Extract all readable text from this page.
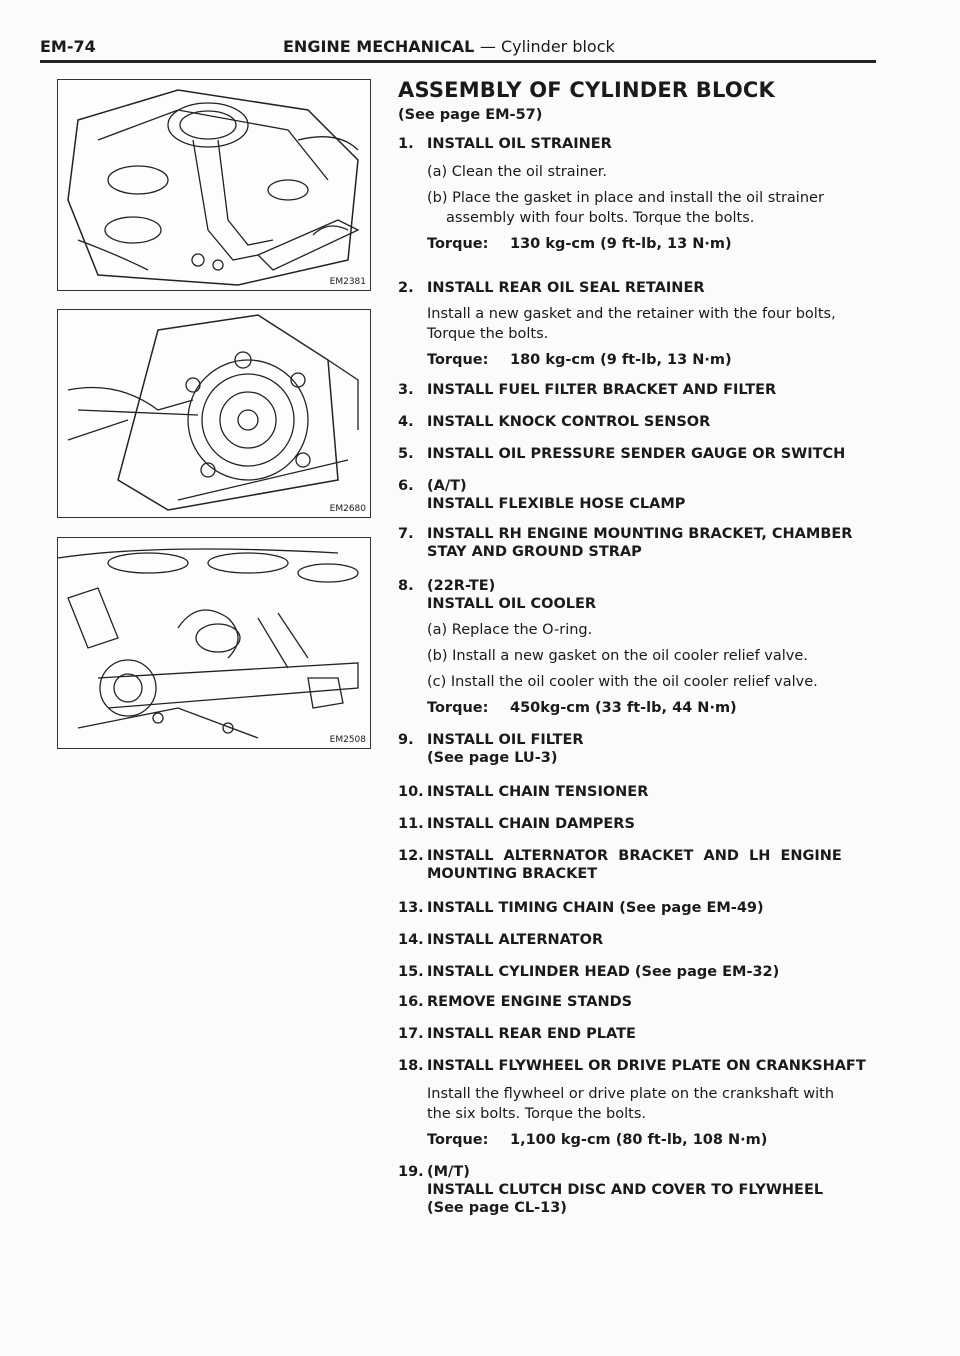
EM-74	ENGINE MECHANICAL — Cylinder block
EM2381
EM2680
EM2508
ASSEMBLY OF CYLINDER BLOCK
(See page EM-57)
1. INSTALL OIL STRAINER
(a) Clean the oil strainer.
(b) Place the gasket in place and install the oil strainer
assembly with four bolts. Torque the bolts.
Torque: 130 kg-cm (9 ft-lb, 13 N·m)
2. INSTALL REAR OIL SEAL RETAINER
Install a new gasket and the retainer with the four bolts,
Torque the bolts.
Torque: 180 kg-cm (9 ft-lb, 13 N·m)
3. INSTALL FUEL FILTER BRACKET AND FILTER
4. INSTALL KNOCK CONTROL SENSOR
5. INSTALL OIL PRESSURE SENDER GAUGE OR SWITCH
6. (A/T)
INSTALL FLEXIBLE HOSE CLAMP
7. INSTALL RH ENGINE MOUNTING BRACKET, CHAMBER
STAY AND GROUND STRAP
8. (22R-TE)
INSTALL OIL COOLER
(a) Replace the O-ring.
(b) Install a new gasket on the oil cooler relief valve.
(c) Install the oil cooler with the oil cooler relief valve.
Torque: 450kg-cm (33 ft-lb, 44 N·m)
9. INSTALL OIL FILTER
(See page LU-3)
10. INSTALL CHAIN TENSIONER
11. INSTALL CHAIN DAMPERS
12. INSTALL  ALTERNATOR  BRACKET  AND  LH  ENGINE
MOUNTING BRACKET
13. INSTALL TIMING CHAIN (See page EM-49)
14. INSTALL ALTERNATOR
15. INSTALL CYLINDER HEAD (See page EM-32)
16. REMOVE ENGINE STANDS
17. INSTALL REAR END PLATE
18. INSTALL FLYWHEEL OR DRIVE PLATE ON CRANKSHAFT
Install the flywheel or drive plate on the crankshaft with
the six bolts. Torque the bolts.
Torque: 1,100 kg-cm (80 ft-lb, 108 N·m)
19. (M/T)
INSTALL CLUTCH DISC AND COVER TO FLYWHEEL
(See page CL-13)
